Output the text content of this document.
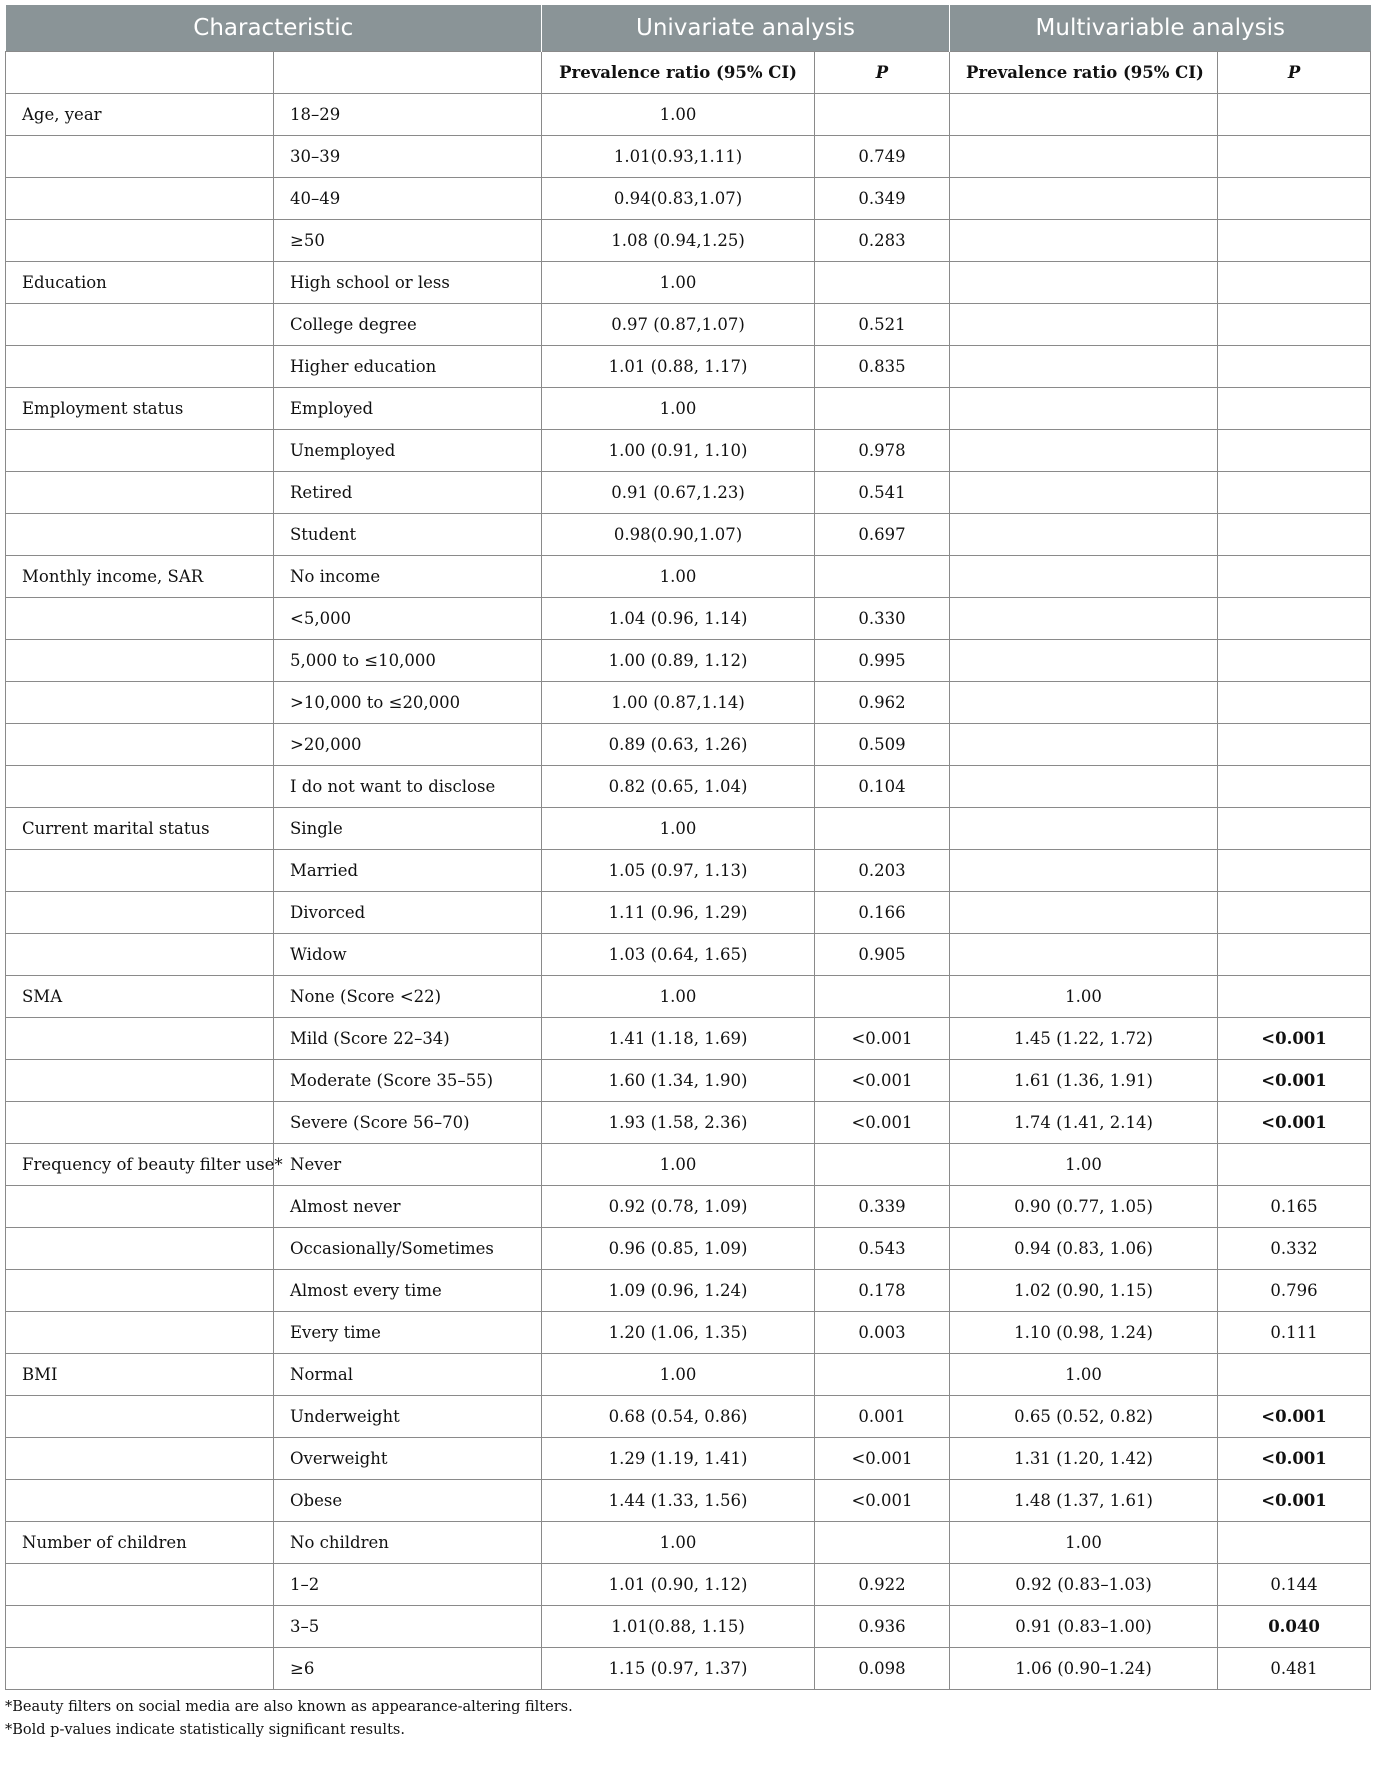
Characteristic		Univariate analysis		Multivariable analysis	
		Prevalence ratio (95% CI)	P	Prevalence ratio (95% CI)	P
Age, year	18–29	1.00			
	30–39	1.01(0.93,1.11)	0.749		
	40–49	0.94(0.83,1.07)	0.349		
	≥50	1.08 (0.94,1.25)	0.283		
Education	High school or less	1.00			
	College degree	0.97 (0.87,1.07)	0.521		
	Higher education	1.01 (0.88, 1.17)	0.835		
Employment status	Employed	1.00			
	Unemployed	1.00 (0.91, 1.10)	0.978		
	Retired	0.91 (0.67,1.23)	0.541		
	Student	0.98(0.90,1.07)	0.697		
Monthly income, SAR	No income	1.00			
	<5,000	1.04 (0.96, 1.14)	0.330		
	5,000 to ≤10,000	1.00 (0.89, 1.12)	0.995		
	>10,000 to ≤20,000	1.00 (0.87,1.14)	0.962		
	>20,000	0.89 (0.63, 1.26)	0.509		
	I do not want to disclose	0.82 (0.65, 1.04)	0.104		
Current marital status	Single	1.00			
	Married	1.05 (0.97, 1.13)	0.203		
	Divorced	1.11 (0.96, 1.29)	0.166		
	Widow	1.03 (0.64, 1.65)	0.905		
SMA	None (Score <22)	1.00		1.00	
	Mild (Score 22–34)	1.41 (1.18, 1.69)	<0.001	1.45 (1.22, 1.72)	<0.001
	Moderate (Score 35–55)	1.60 (1.34, 1.90)	<0.001	1.61 (1.36, 1.91)	<0.001
	Severe (Score 56–70)	1.93 (1.58, 2.36)	<0.001	1.74 (1.41, 2.14)	<0.001
Frequency of beauty filter use*	Never	1.00		1.00	
	Almost never	0.92 (0.78, 1.09)	0.339	0.90 (0.77, 1.05)	0.165
	Occasionally/Sometimes	0.96 (0.85, 1.09)	0.543	0.94 (0.83, 1.06)	0.332
	Almost every time	1.09 (0.96, 1.24)	0.178	1.02 (0.90, 1.15)	0.796
	Every time	1.20 (1.06, 1.35)	0.003	1.10 (0.98, 1.24)	0.111
BMI	Normal	1.00		1.00	
	Underweight	0.68 (0.54, 0.86)	0.001	0.65 (0.52, 0.82)	<0.001
	Overweight	1.29 (1.19, 1.41)	<0.001	1.31 (1.20, 1.42)	<0.001
	Obese	1.44 (1.33, 1.56)	<0.001	1.48 (1.37, 1.61)	<0.001
Number of children	No children	1.00		1.00	
	1–2	1.01 (0.90, 1.12)	0.922	0.92 (0.83–1.03)	0.144
	3–5	1.01(0.88, 1.15)	0.936	0.91 (0.83–1.00)	0.040
	≥6	1.15 (0.97, 1.37)	0.098	1.06 (0.90–1.24)	0.481
*Beauty filters on social media are also known as appearance-altering filters.
*Bold p-values indicate statistically significant results.
